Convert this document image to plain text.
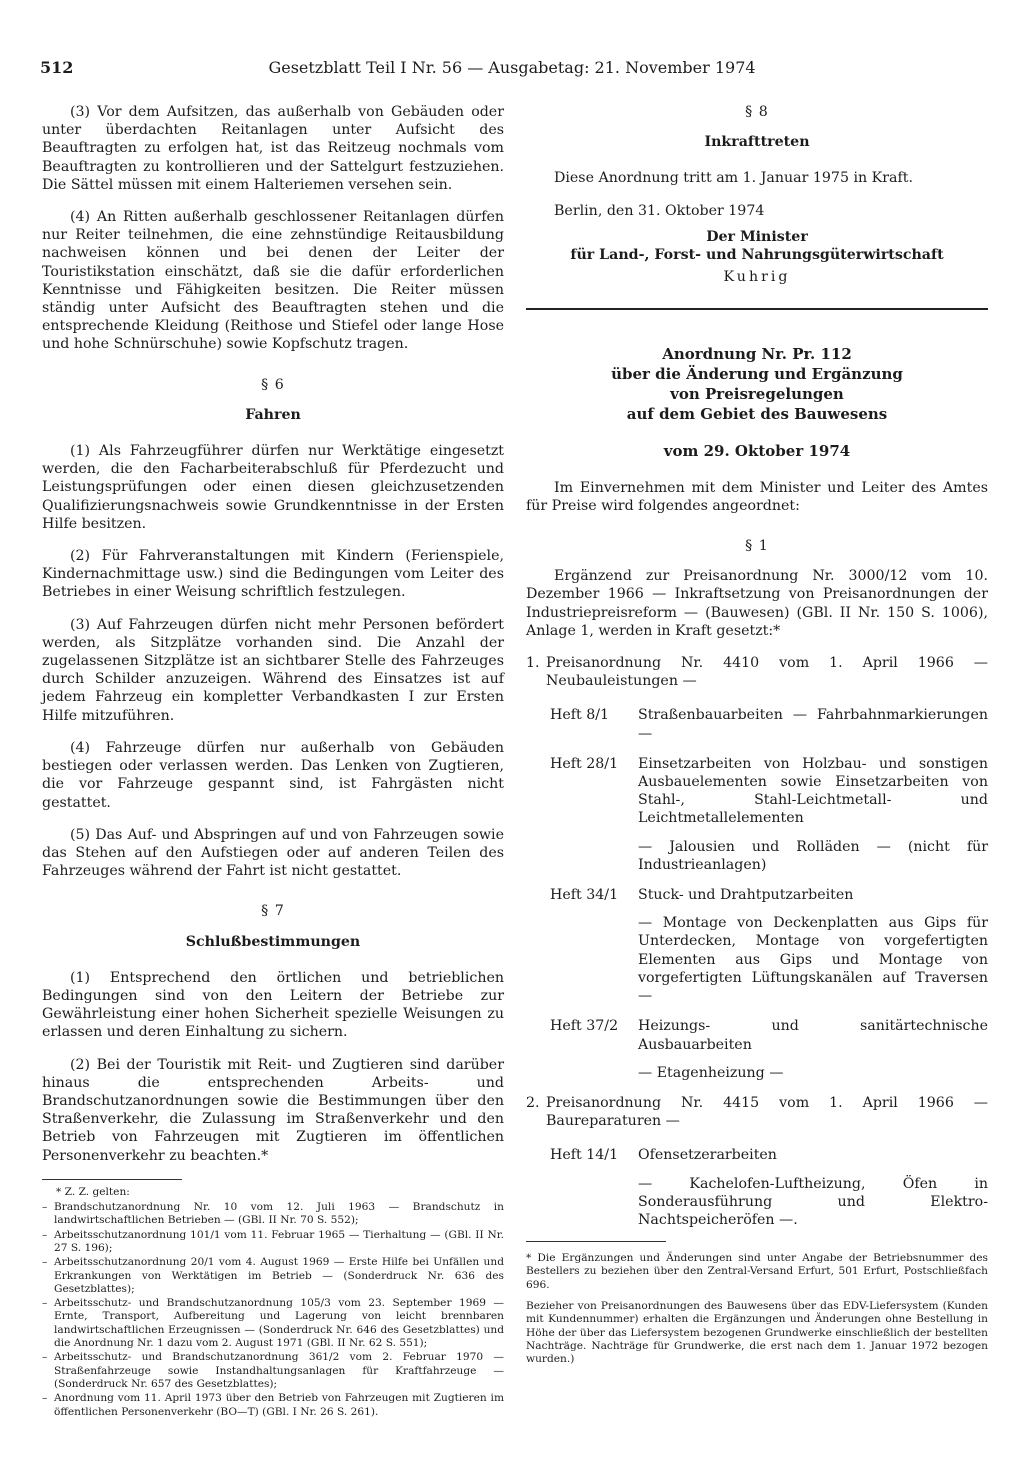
512	Gesetzblatt Teil I Nr. 56 — Ausgabetag: 21. November 1974

(3) Vor dem Aufsitzen, das außerhalb von Gebäuden oder unter überdachten Reitanlagen unter Aufsicht des Beauftragten zu erfolgen hat, ist das Reitzeug nochmals vom Beauftragten zu kontrollieren und der Sattelgurt festzuziehen. Die Sättel müssen mit einem Halteriemen versehen sein.

(4) An Ritten außerhalb geschlossener Reitanlagen dürfen nur Reiter teilnehmen, die eine zehnstündige Reitausbildung nachweisen können und bei denen der Leiter der Touristikstation einschätzt, daß sie die dafür erforderlichen Kenntnisse und Fähigkeiten besitzen. Die Reiter müssen ständig unter Aufsicht des Beauftragten stehen und die entsprechende Kleidung (Reithose und Stiefel oder lange Hose und hohe Schnürschuhe) sowie Kopfschutz tragen.

§ 6
Fahren

(1) Als Fahrzeugführer dürfen nur Werktätige eingesetzt werden, die den Facharbeiterabschluß für Pferdezucht und Leistungsprüfungen oder einen diesen gleichzusetzenden Qualifizierungsnachweis sowie Grundkenntnisse in der Ersten Hilfe besitzen.

(2) Für Fahrveranstaltungen mit Kindern (Ferienspiele, Kindernachmittage usw.) sind die Bedingungen vom Leiter des Betriebes in einer Weisung schriftlich festzulegen.

(3) Auf Fahrzeugen dürfen nicht mehr Personen befördert werden, als Sitzplätze vorhanden sind. Die Anzahl der zugelassenen Sitzplätze ist an sichtbarer Stelle des Fahrzeuges durch Schilder anzuzeigen. Während des Einsatzes ist auf jedem Fahrzeug ein kompletter Verbandkasten I zur Ersten Hilfe mitzuführen.

(4) Fahrzeuge dürfen nur außerhalb von Gebäuden bestiegen oder verlassen werden. Das Lenken von Zugtieren, die vor Fahrzeuge gespannt sind, ist Fahrgästen nicht gestattet.

(5) Das Auf- und Abspringen auf und von Fahrzeugen sowie das Stehen auf den Aufstiegen oder auf anderen Teilen des Fahrzeuges während der Fahrt ist nicht gestattet.

§ 7
Schlußbestimmungen

(1) Entsprechend den örtlichen und betrieblichen Bedingungen sind von den Leitern der Betriebe zur Gewährleistung einer hohen Sicherheit spezielle Weisungen zu erlassen und deren Einhaltung zu sichern.

(2) Bei der Touristik mit Reit- und Zugtieren sind darüber hinaus die entsprechenden Arbeits- und Brandschutzanordnungen sowie die Bestimmungen über den Straßenverkehr, die Zulassung im Straßenverkehr und den Betrieb von Fahrzeugen mit Zugtieren im öffentlichen Personenverkehr zu beachten.*

* Z. Z. gelten:
– Brandschutzanordnung Nr. 10 vom 12. Juli 1963 — Brandschutz in landwirtschaftlichen Betrieben — (GBl. II Nr. 70 S. 552);
– Arbeitsschutzanordnung 101/1 vom 11. Februar 1965 — Tierhaltung — (GBl. II Nr. 27 S. 196);
– Arbeitsschutzanordnung 20/1 vom 4. August 1969 — Erste Hilfe bei Unfällen und Erkrankungen von Werktätigen im Betrieb — (Sonderdruck Nr. 636 des Gesetzblattes);
– Arbeitsschutz- und Brandschutzanordnung 105/3 vom 23. September 1969 — Ernte, Transport, Aufbereitung und Lagerung von leicht brennbaren landwirtschaftlichen Erzeugnissen — (Sonderdruck Nr. 646 des Gesetzblattes) und die Anordnung Nr. 1 dazu vom 2. August 1971 (GBl. II Nr. 62 S. 551);
– Arbeitsschutz- und Brandschutzanordnung 361/2 vom 2. Februar 1970 — Straßenfahrzeuge sowie Instandhaltungsanlagen für Kraftfahrzeuge — (Sonderdruck Nr. 657 des Gesetzblattes);
– Anordnung vom 11. April 1973 über den Betrieb von Fahrzeugen mit Zugtieren im öffentlichen Personenverkehr (BO—T) (GBl. I Nr. 26 S. 261).
§ 8
Inkrafttreten

Diese Anordnung tritt am 1. Januar 1975 in Kraft.

Berlin, den 31. Oktober 1974

Der Minister
für Land-, Forst- und Nahrungsgüterwirtschaft
Kuhrig
Anordnung Nr. Pr. 112
über die Änderung und Ergänzung
von Preisregelungen
auf dem Gebiet des Bauwesens
vom 29. Oktober 1974

Im Einvernehmen mit dem Minister und Leiter des Amtes für Preise wird folgendes angeordnet:

§ 1

Ergänzend zur Preisanordnung Nr. 3000/12 vom 10. Dezember 1966 — Inkraftsetzung von Preisanordnungen der Industriepreisreform — (Bauwesen) (GBl. II Nr. 150 S. 1006), Anlage 1, werden in Kraft gesetzt:*

1. Preisanordnung Nr. 4410 vom 1. April 1966 — Neubauleistungen —
Heft 8/1	Straßenbauarbeiten — Fahrbahnmarkierungen —
Heft 28/1	Einsetzarbeiten von Holzbau- und sonstigen Ausbauelementen sowie Einsetzarbeiten von Stahl-, Stahl-Leichtmetall- und Leichtmetallelementen
— Jalousien und Rolläden — (nicht für Industrieanlagen)
Heft 34/1	Stuck- und Drahtputzarbeiten
— Montage von Deckenplatten aus Gips für Unterdecken, Montage von vorgefertigten Elementen aus Gips und Montage von vorgefertigten Lüftungskanälen auf Traversen —
Heft 37/2	Heizungs- und sanitärtechnische Ausbauarbeiten
— Etagenheizung —
2. Preisanordnung Nr. 4415 vom 1. April 1966 — Baureparaturen —
Heft 14/1	Ofensetzerarbeiten
— Kachelofen-Luftheizung, Öfen in Sonderausführung und Elektro-Nachtspeicheröfen —.

* Die Ergänzungen und Änderungen sind unter Angabe der Betriebsnummer des Bestellers zu beziehen über den Zentral-Versand Erfurt, 501 Erfurt, Postschließfach 696.

Bezieher von Preisanordnungen des Bauwesens über das EDV-Liefersystem (Kunden mit Kundennummer) erhalten die Ergänzungen und Änderungen ohne Bestellung in Höhe der über das Liefersystem bezogenen Grundwerke einschließlich der bestellten Nachträge. Nachträge für Grundwerke, die erst nach dem 1. Januar 1972 bezogen wurden.)
